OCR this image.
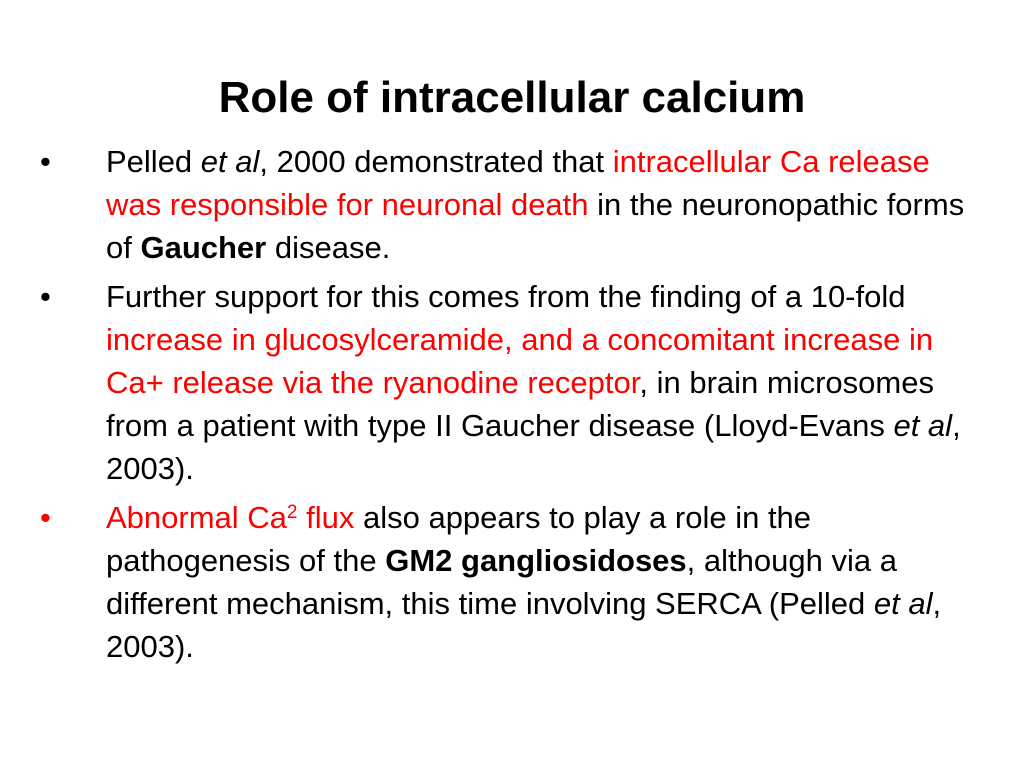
Role of intracellular calcium
• Pelled et al, 2000 demonstrated that intracellular Ca release was responsible for neuronal death in the neuronopathic forms of Gaucher disease.
• Further support for this comes from the finding of a 10-fold increase in glucosylceramide, and a concomitant increase in Ca+ release via the ryanodine receptor, in brain microsomes from a patient with type II Gaucher disease (Lloyd-Evans et al, 2003).
• Abnormal Ca$^2$ flux also appears to play a role in the pathogenesis of the GM2 gangliosidoses, although via a different mechanism, this time involving SERCA (Pelled et al, 2003).
